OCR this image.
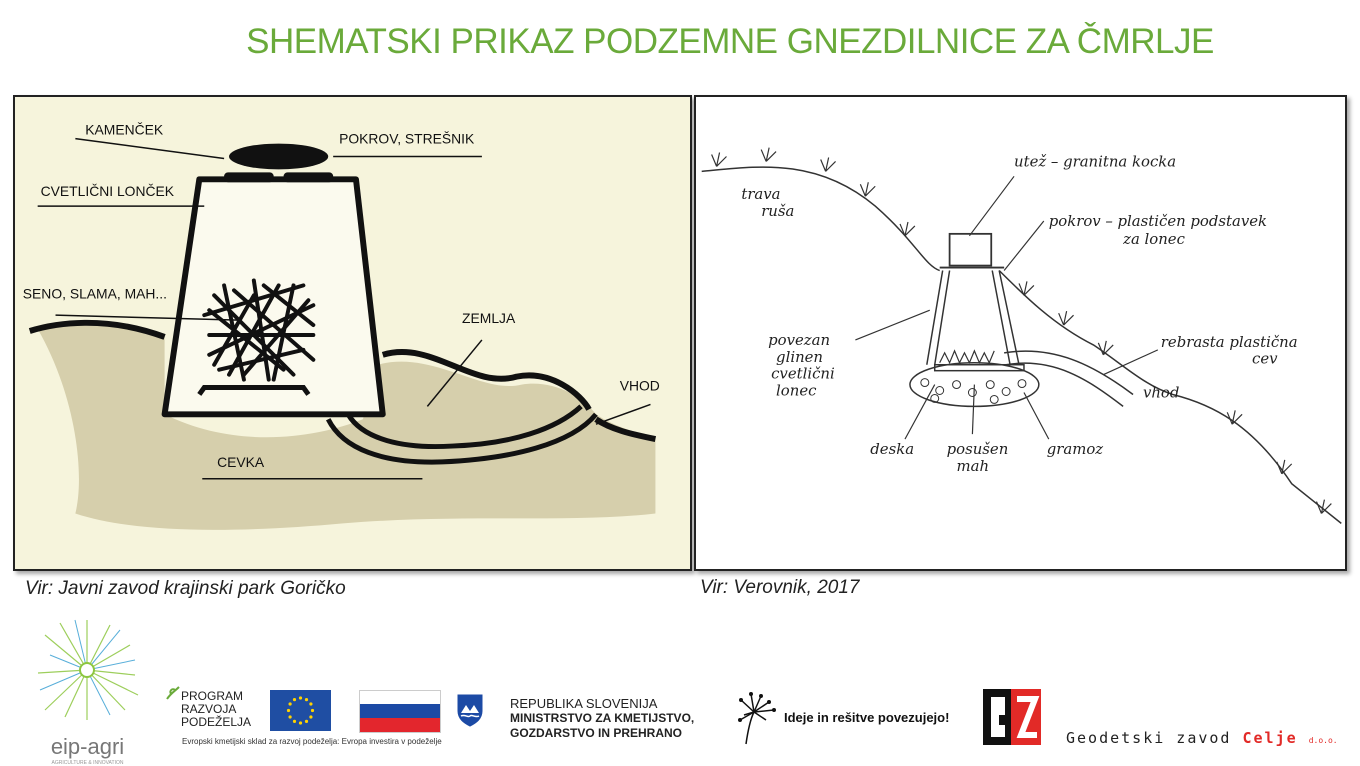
SHEMATSKI PRIKAZ PODZEMNE GNEZDILNICE ZA ČMRLJE
KAMENČEK
POKROV, STREŠNIK
CVETLIČNI LONČEK
SENO, SLAMA, MAH...
ZEMLJA
VHOD
CEVKA
trava
ruša
utež – granitna kocka
pokrov – plastičen podstavek
za lonec
povezan
glinen
cvetlični
lonec
rebrasta plastična
cev
vhod
deska posušen
mah
gramoz
Vir: Javni zavod krajinski park Goričko	Vir: Verovnik, 2017
eip-agri
AGRICULTURE & INNOVATION
PROGRAM
RAZVOJA
PODEŽELJA
Evropski kmetijski sklad za razvoj podeželja: Evropa investira v podeželje
REPUBLIKA SLOVENIJA
MINISTRSTVO ZA KMETIJSTVO,
GOZDARSTVO IN PREHRANO
Ideje in rešitve povezujejo!
Geodetski zavod Celje d.o.o.
